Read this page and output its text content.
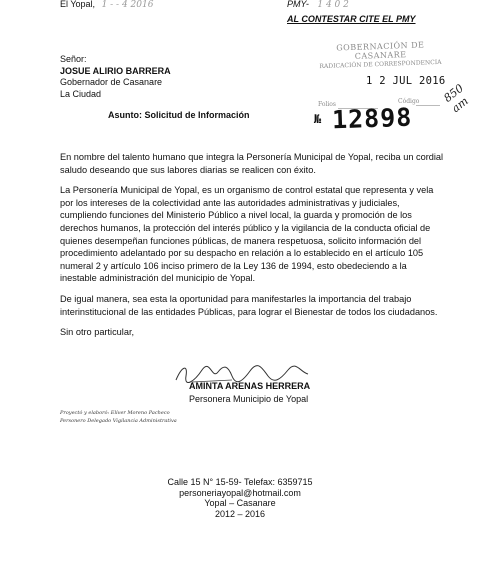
El Yopal, 1 - - 4 2016	PMY- 1 4 0 2
AL CONTESTAR CITE EL PMY
Señor:
JOSUE ALIRIO BARRERA
Gobernador de Casanare
La Ciudad
GOBERNACIÓN DE CASANARE
RADICACIÓN DE CORRESPONDENCIA
1 2 JUL 2016
Folios	Código
№ 12898
850 am
Asunto: Solicitud de Información

En nombre del talento humano que integra la Personería Municipal de Yopal, reciba un cordial saludo deseando que sus labores diarias se realicen con éxito.

La Personería Municipal de Yopal, es un organismo de control estatal que representa y vela por los intereses de la colectividad ante las autoridades administrativas y judiciales, cumpliendo funciones del Ministerio Público a nivel local, la guarda y promoción de los derechos humanos, la protección del interés público y la vigilancia de la conducta oficial de quienes desempeñan funciones públicas, de manera respetuosa, solicito información del procedimiento adelantado por su despacho en relación a lo establecido en el artículo 105 numeral 2 y artículo 106 inciso primero de la Ley 136 de 1994, esto obedeciendo a la inestable administración del municipio de Yopal.

De igual manera, sea esta la oportunidad para manifestarles la importancia del trabajo interinstitucional de las entidades Públicas, para lograr el Bienestar de todos los ciudadanos.

Sin otro particular,

AMINTA ARENAS HERRERA
Personera Municipio de Yopal
Proyectó y elaboró: Elíver Moreno Pacheco
Personero Delegado Vigilancia Administrativa
Calle 15 N° 15-59- Telefax: 6359715
personeriayopal@hotmail.com
Yopal – Casanare
2012 – 2016
